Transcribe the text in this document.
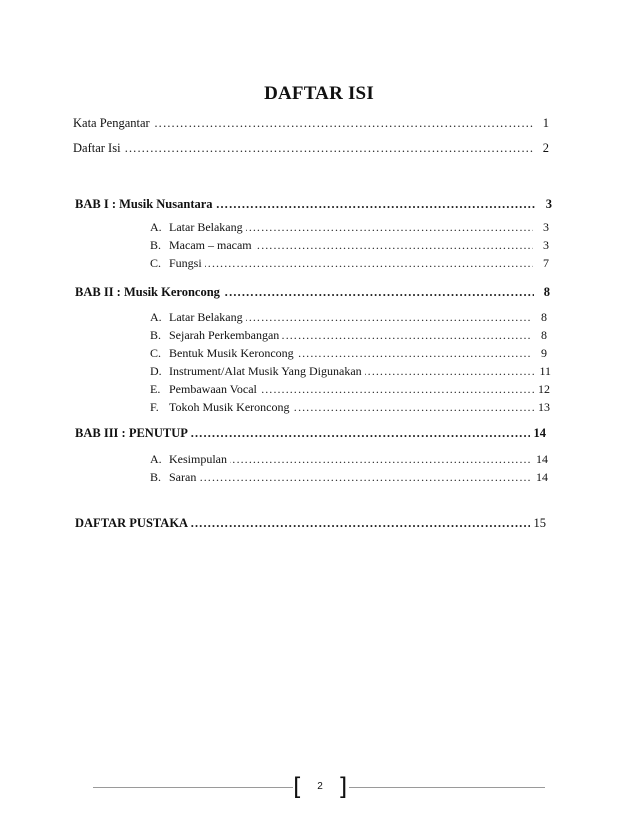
DAFTAR ISI
………………………………………………………………………………………………………………………………………………………………………………………………
Kata Pengantar	1
………………………………………………………………………………………………………………………………………………………………………………………………
Daftar Isi	2
………………………………………………………………………………………………………………………………………………………………………………………………
BAB I : Musik Nusantara	3
………………………………………………………………………………………………………………………………………………………………………………………………
A. Latar Belakang	3
………………………………………………………………………………………………………………………………………………………………………………………………
B. Macam – macam	3
………………………………………………………………………………………………………………………………………………………………………………………………
C. Fungsi	7
………………………………………………………………………………………………………………………………………………………………………………………………
BAB II : Musik Keroncong	8
………………………………………………………………………………………………………………………………………………………………………………………………
A. Latar Belakang	8
………………………………………………………………………………………………………………………………………………………………………………………………
B. Sejarah Perkembangan	8
………………………………………………………………………………………………………………………………………………………………………………………………
C. Bentuk Musik Keroncong	9
………………………………………………………………………………………………………………………………………………………………………………………………
D. Instrument/Alat Musik Yang Digunakan	11
………………………………………………………………………………………………………………………………………………………………………………………………
E. Pembawaan Vocal	12
………………………………………………………………………………………………………………………………………………………………………………………………
F. Tokoh Musik Keroncong	13
………………………………………………………………………………………………………………………………………………………………………………………………
BAB III : PENUTUP	14
………………………………………………………………………………………………………………………………………………………………………………………………
A. Kesimpulan	14
………………………………………………………………………………………………………………………………………………………………………………………………
B. Saran	14
………………………………………………………………………………………………………………………………………………………………………………………………
DAFTAR PUSTAKA	15
[	2 ]
